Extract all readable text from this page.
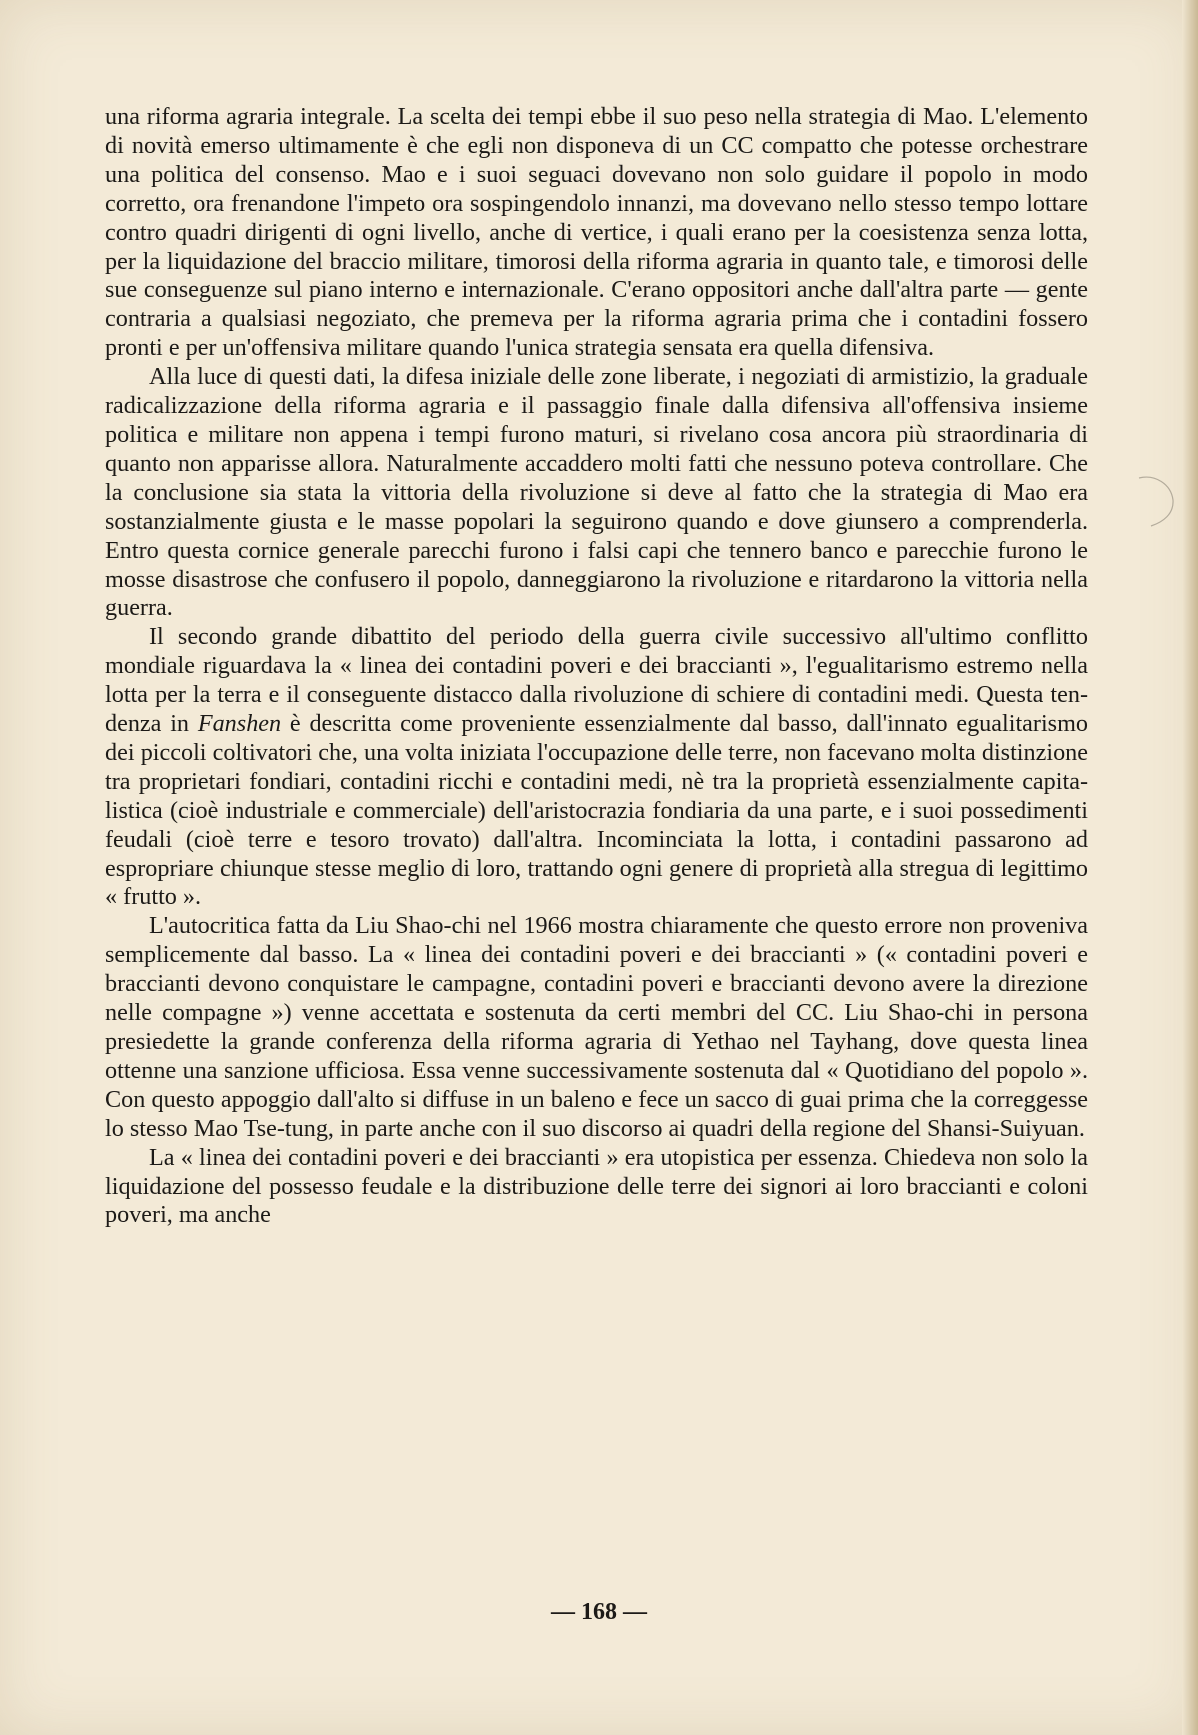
una riforma agraria integrale. La scelta dei tempi ebbe il suo peso nella strategia di Mao. L'elemento di novità emerso ultimamente è che egli non disponeva di un CC compatto che potesse orchestrare una politica del consenso. Mao e i suoi seguaci dovevano non solo guidare il popolo in modo corretto, ora frenandone l'impeto ora sospingendolo innanzi, ma dovevano nello stesso tempo lottare contro quadri dirigenti di ogni livello, anche di vertice, i quali erano per la coesistenza senza lotta, per la liquidazione del braccio militare, timorosi della riforma agraria in quanto tale, e timorosi delle sue conseguenze sul piano interno e internazionale. C'erano oppositori anche dall'altra parte — gente contraria a qualsiasi negoziato, che premeva per la riforma agraria prima che i contadini fossero pronti e per un'offensiva militare quando l'unica strategia sensata era quella difensiva.

Alla luce di questi dati, la difesa iniziale delle zone liberate, i negoziati di armistizio, la graduale radicalizzazione della riforma agraria e il passaggio finale dalla difensiva all'offensiva insieme politica e militare non appena i tempi furono maturi, si rivelano cosa ancora più straordinaria di quanto non apparisse allora. Naturalmente accaddero molti fatti che nessuno poteva controllare. Che la conclusione sia stata la vittoria della rivoluzione si deve al fatto che la strategia di Mao era sostanzialmente giusta e le masse popolari la seguirono quando e dove giunsero a comprenderla. Entro questa cornice generale parecchi furono i falsi capi che tennero banco e parecchie furono le mosse disastrose che confusero il popolo, danneggiarono la rivoluzione e ritardarono la vittoria nella guerra.

Il secondo grande dibattito del periodo della guerra civile successivo all'ultimo conflitto mondiale riguardava la « linea dei contadini poveri e dei braccianti », l'egualitarismo estremo nella lotta per la terra e il conseguente distacco dalla rivoluzione di schiere di contadini medi. Questa tendenza in Fanshen è descritta come proveniente essenzialmente dal basso, dall'innato egualitarismo dei piccoli coltivatori che, una volta iniziata l'occupazione delle terre, non facevano molta distinzione tra proprietari fondiari, contadini ricchi e contadini medi, nè tra la proprietà essenzialmente capitalistica (cioè industriale e commerciale) dell'aristocrazia fondiaria da una parte, e i suoi possedimenti feudali (cioè terre e tesoro trovato) dall'altra. Incominciata la lotta, i contadini passarono ad espropriare chiunque stesse meglio di loro, trattando ogni genere di proprietà alla stregua di legittimo « frutto ».

L'autocritica fatta da Liu Shao-chi nel 1966 mostra chiaramente che questo errore non proveniva semplicemente dal basso. La « linea dei contadini poveri e dei braccianti » (« contadini poveri e braccianti devono conquistare le campagne, contadini poveri e braccianti devono avere la direzione nelle compagne ») venne accettata e sostenuta da certi membri del CC. Liu Shao-chi in persona presiedette la grande conferenza della riforma agraria di Yethao nel Tayhang, dove questa linea ottenne una sanzione ufficiosa. Essa venne successivamente sostenuta dal « Quotidiano del popolo ». Con questo appoggio dall'alto si diffuse in un baleno e fece un sacco di guai prima che la correggesse lo stesso Mao Tse-tung, in parte anche con il suo discorso ai quadri della regione del Shansi-Suiyuan.

La « linea dei contadini poveri e dei braccianti » era utopistica per essenza. Chiedeva non solo la liquidazione del possesso feudale e la distribuzione delle terre dei signori ai loro braccianti e coloni poveri, ma anche

— 168 —
